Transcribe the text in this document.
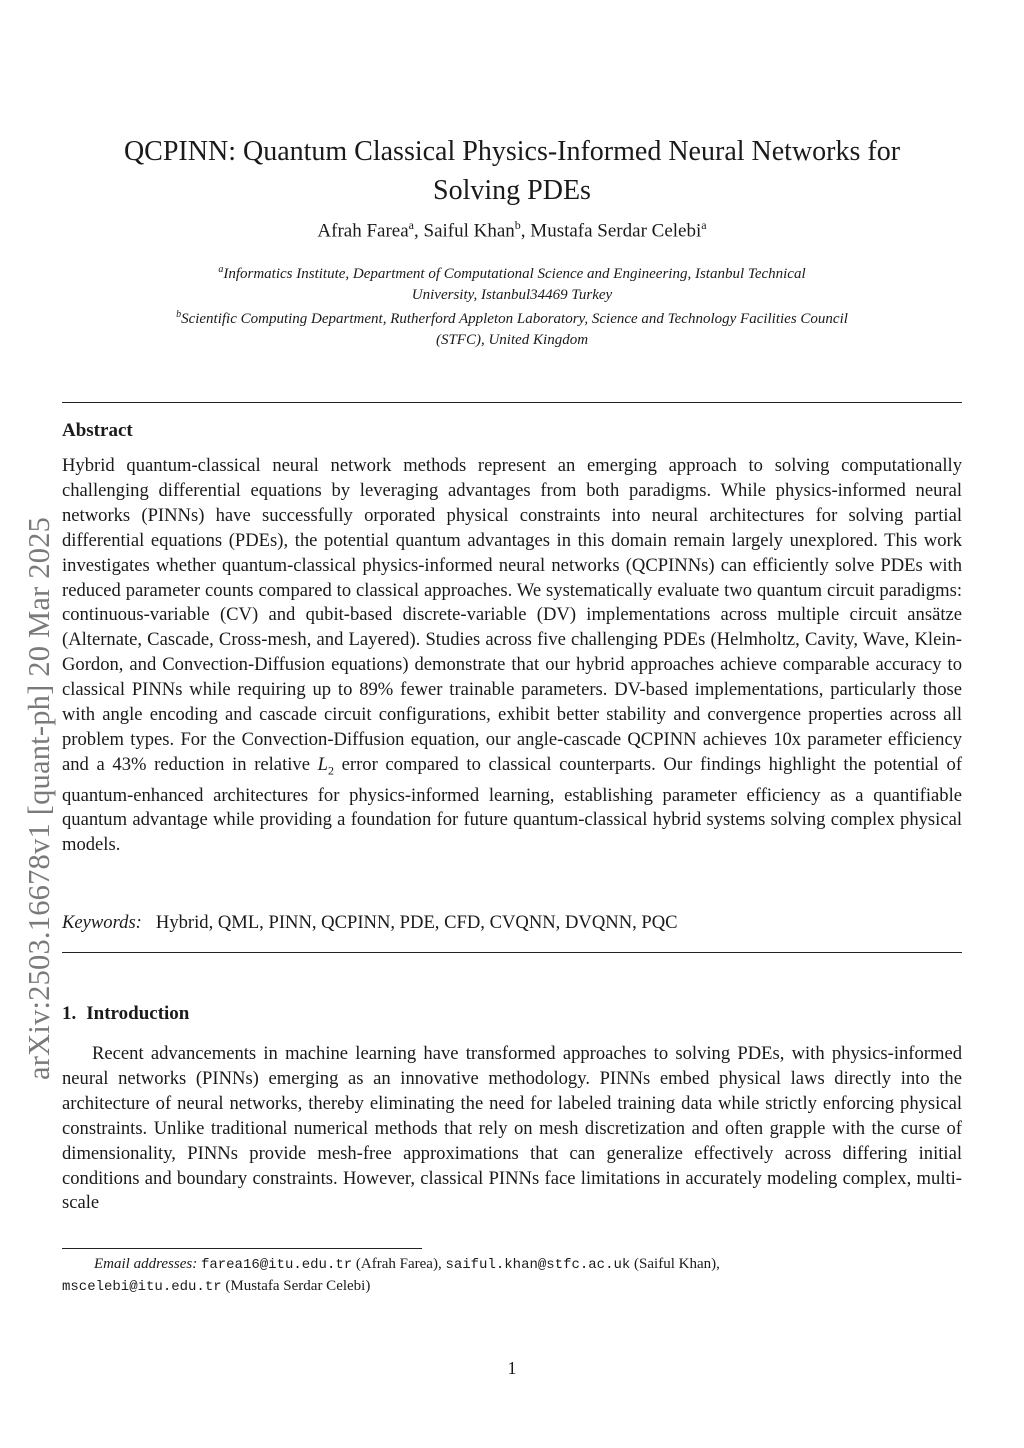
arXiv:2503.16678v1 [quant-ph] 20 Mar 2025
QCPINN: Quantum Classical Physics-Informed Neural Networks for
Solving PDEs
Afrah Farea$^a$, Saiful Khan$^b$, Mustafa Serdar Celebi$^a$
$^a$Informatics Institute, Department of Computational Science and Engineering, Istanbul Technical
University, Istanbul34469 Turkey
$^b$Scientific Computing Department, Rutherford Appleton Laboratory, Science and Technology Facilities Council
(STFC), United Kingdom
Abstract

Hybrid quantum-classical neural network methods represent an emerging approach to solving computationally challenging differential equations by leveraging advantages from both paradigms. While physics-informed neural networks (PINNs) have successfully orporated physical constraints into neural architectures for solving partial differential equations (PDEs), the potential quantum advantages in this domain remain largely unexplored. This work investigates whether quantum-classical physics-informed neural networks (QCPINNs) can efficiently solve PDEs with reduced parameter counts compared to classical approaches. We systematically evaluate two quantum circuit paradigms: continuous-variable (CV) and qubit-based discrete-variable (DV) implementations across multiple circuit ansätze (Alternate, Cascade, Cross-mesh, and Layered). Studies across five challenging PDEs (Helmholtz, Cavity, Wave, Klein-Gordon, and Convection-Diffusion equations) demonstrate that our hybrid approaches achieve comparable accuracy to classical PINNs while requiring up to 89% fewer trainable parameters. DV-based implementations, particularly those with angle encoding and cascade circuit configurations, exhibit better stability and convergence properties across all problem types. For the Convection-Diffusion equation, our angle-cascade QCPINN achieves 10x parameter efficiency and a 43% reduction in relative $L_2$ error compared to classical counterparts. Our findings highlight the potential of quantum-enhanced architectures for physics-informed learning, establishing parameter efficiency as a quantifiable quantum advantage while providing a foundation for future quantum-classical hybrid systems solving complex physical models.

Keywords: Hybrid, QML, PINN, QCPINN, PDE, CFD, CVQNN, DVQNN, PQC
1. Introduction

Recent advancements in machine learning have transformed approaches to solving PDEs, with physics-informed neural networks (PINNs) emerging as an innovative methodology. PINNs embed physical laws directly into the architecture of neural networks, thereby eliminating the need for labeled training data while strictly enforcing physical constraints. Unlike traditional numerical methods that rely on mesh discretization and often grapple with the curse of dimensionality, PINNs provide mesh-free approximations that can generalize effectively across differing initial conditions and boundary constraints. However, classical PINNs face limitations in accurately modeling complex, multi-scale

Email addresses: farea16@itu.edu.tr (Afrah Farea), saiful.khan@stfc.ac.uk (Saiful Khan),
mscelebi@itu.edu.tr (Mustafa Serdar Celebi)
1
